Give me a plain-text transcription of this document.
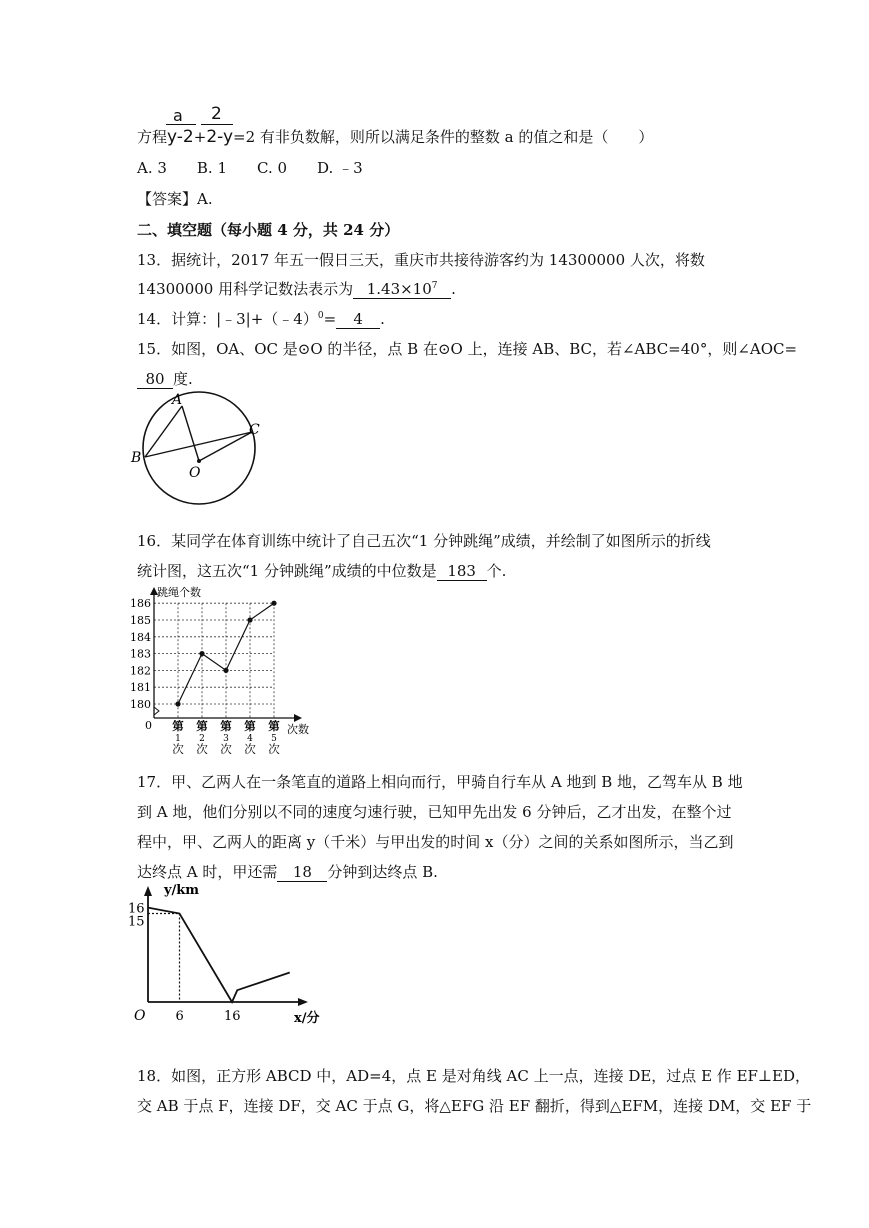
a 2
方程y-2+2-y=2 有非负数解，则所以满足条件的整数 a 的值之和是（　　）
A. 3　　B. 1　　C. 0　　D. ﹣3
【答案】A.
二、填空题（每小题 4 分，共 24 分）
13．据统计，2017 年五一假日三天，重庆市共接待游客约为 14300000 人次，将数
14300000 用科学记数法表示为 $1.43\times 10^7$ .
14．计算：|﹣3|+（﹣4）$^0$= 4 .
15．如图，OA、OC 是⊙O 的半径，点 B 在⊙O 上，连接 AB、BC，若∠ABC=40°，则∠AOC=
80 度.
A
B
C
O
16．某同学在体育训练中统计了自己五次“1 分钟跳绳”成绩，并绘制了如图所示的折线
统计图，这五次“1 分钟跳绳”成绩的中位数是 183 个.
180
181
182
183
184
185
186
0
跳绳个数
次数
第
1
次
第
2
次
第
3
次
第
4
次
第
5
次
17．甲、乙两人在一条笔直的道路上相向而行，甲骑自行车从 A 地到 B 地，乙驾车从 B 地
到 A 地，他们分别以不同的速度匀速行驶，已知甲先出发 6 分钟后，乙才出发，在整个过
程中，甲、乙两人的距离 y（千米）与甲出发的时间 x（分）之间的关系如图所示，当乙到
达终点 A 时，甲还需 18 分钟到达终点 B.
O 6	16
16
15
y/km
x/分
18．如图，正方形 ABCD 中，AD=4，点 E 是对角线 AC 上一点，连接 DE，过点 E 作 EF⊥ED，
交 AB 于点 F，连接 DF，交 AC 于点 G，将△EFG 沿 EF 翻折，得到△EFM，连接 DM，交 EF 于
